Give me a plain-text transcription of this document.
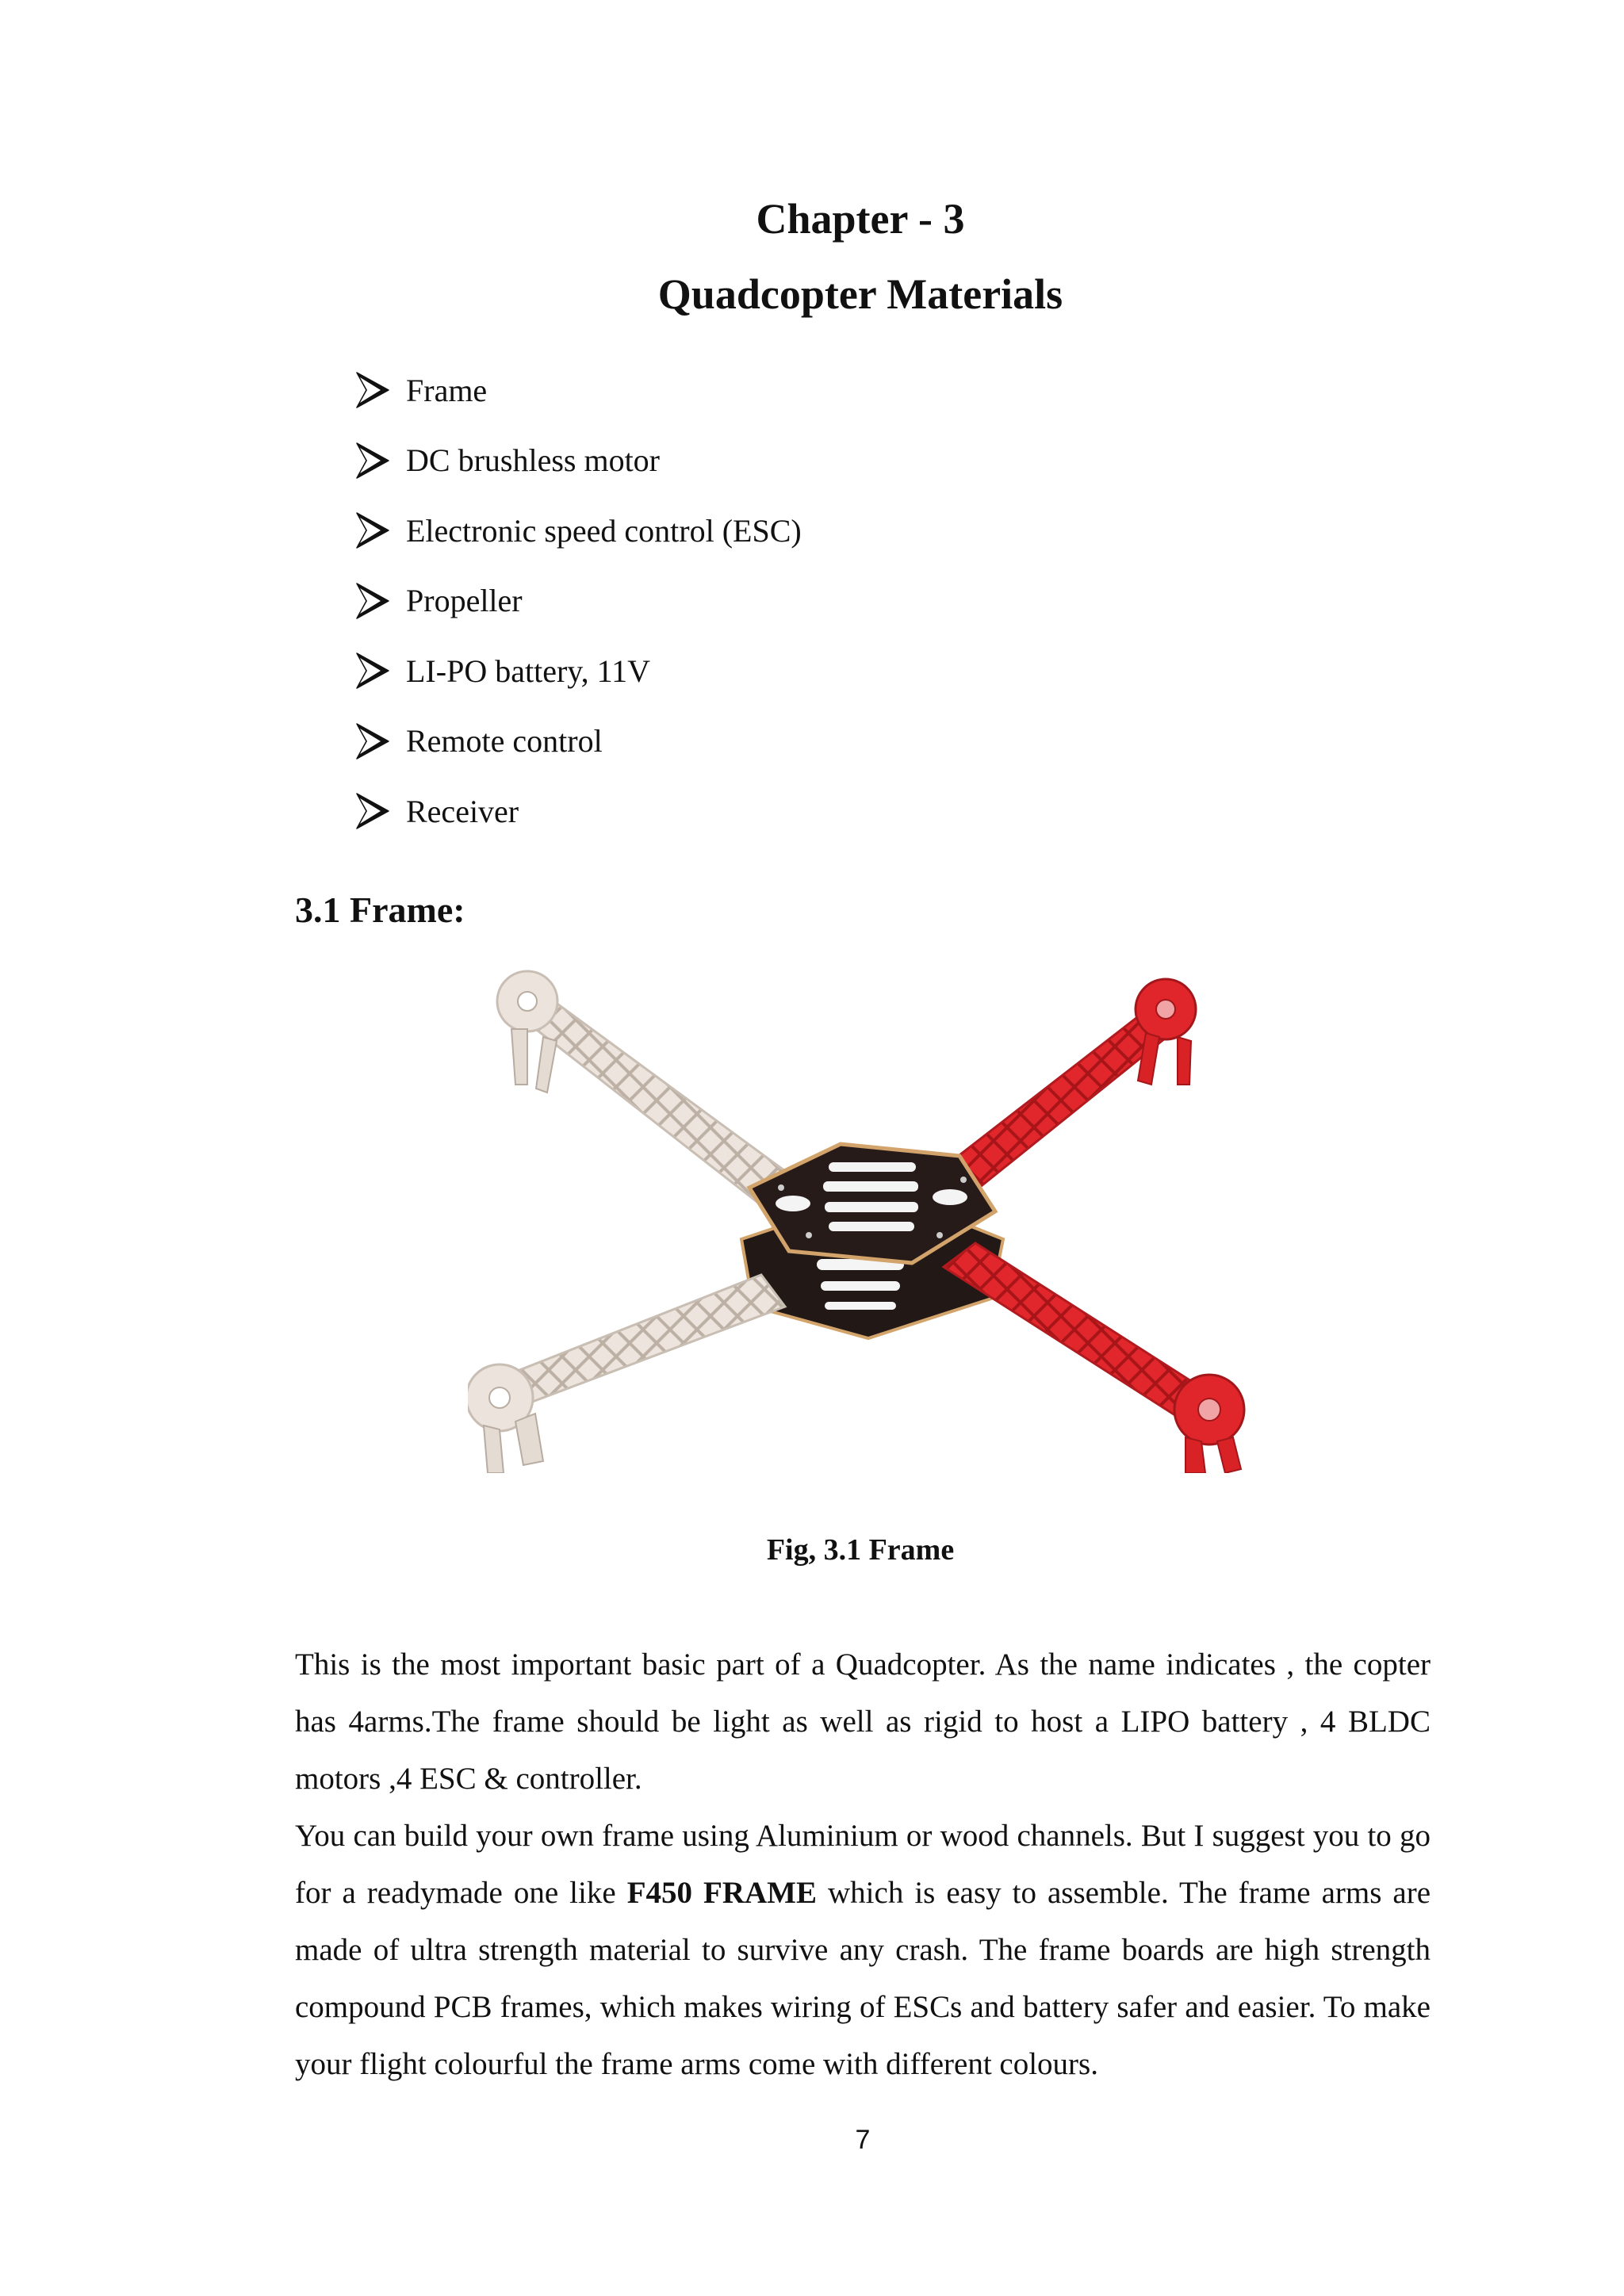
Chapter - 3
Quadcopter Materials
Frame
DC brushless motor
Electronic speed control (ESC)
Propeller
LI-PO battery, 11V
Remote control
Receiver
3.1 Frame:
Fig, 3.1 Frame

This is the most important basic part of a Quadcopter. As the name indicates , the copter has 4arms.The frame should be light as well as rigid to host a LIPO battery , 4 BLDC motors ,4 ESC & controller.

You can build your own frame using Aluminium or wood channels. But I suggest you to go for a readymade one like F450 FRAME which is easy to assemble. The frame arms are made of ultra strength material to survive any crash. The frame boards are high strength compound PCB frames, which makes wiring of ESCs and battery safer and easier. To make your flight colourful the frame arms come with different colours.

7
